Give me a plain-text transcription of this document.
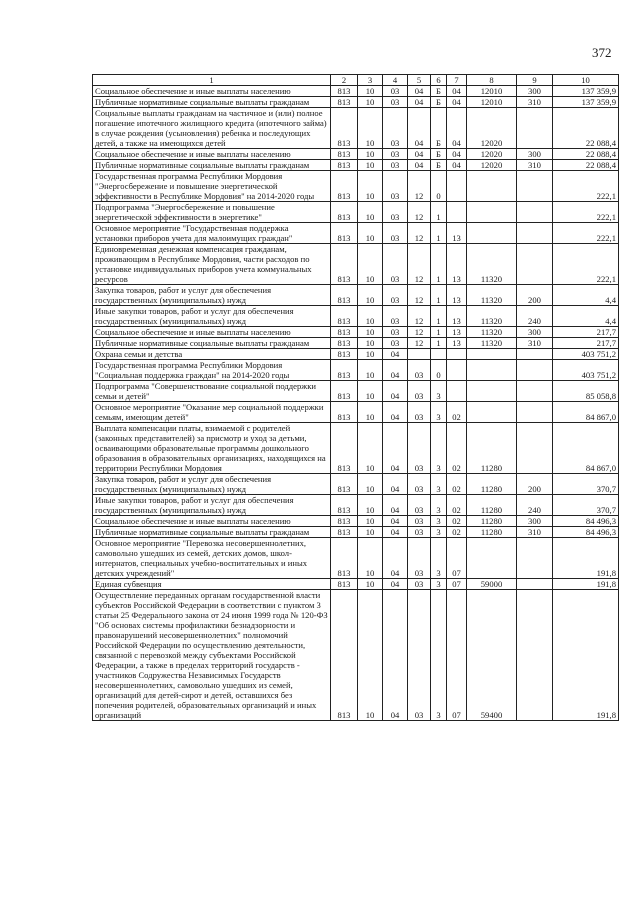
372
1	2	3	4	5	6	7	8	9	10
Социальное обеспечение и иные выплаты населению	813	10	03	04	Б	04	12010	300	137 359,9
Публичные нормативные социальные выплаты гражданам	813	10	03	04	Б	04	12010	310	137 359,9
Социальные выплаты гражданам на частичное и (или) полное погашение ипотечного жилищного кредита (ипотечного займа) в случае рождения (усыновления) ребенка и последующих детей, а также на имеющихся детей	813	10	03	04	Б	04	12020		22 088,4
Социальное обеспечение и иные выплаты населению	813	10	03	04	Б	04	12020	300	22 088,4
Публичные нормативные социальные выплаты гражданам	813	10	03	04	Б	04	12020	310	22 088,4
Государственная программа Республики Мордовия "Энергосбережение и повышение энергетической эффективности в Республике Мордовия" на 2014-2020 годы	813	10	03	12	0				222,1
Подпрограмма "Энергосбережение и повышение энергетической эффективности в энергетике"	813	10	03	12	1				222,1
Основное мероприятие "Государственная поддержка установки приборов учета для малоимущих граждан"	813	10	03	12	1	13			222,1
Единовременная денежная компенсация гражданам, проживающим в Республике Мордовия, части расходов по установке индивидуальных приборов учета коммунальных ресурсов	813	10	03	12	1	13	11320		222,1
Закупка товаров, работ и услуг для обеспечения государственных (муниципальных) нужд	813	10	03	12	1	13	11320	200	4,4
Иные закупки товаров, работ и услуг для обеспечения государственных (муниципальных) нужд	813	10	03	12	1	13	11320	240	4,4
Социальное обеспечение и иные выплаты населению	813	10	03	12	1	13	11320	300	217,7
Публичные нормативные социальные выплаты гражданам	813	10	03	12	1	13	11320	310	217,7
Охрана семьи и детства	813	10	04						403 751,2
Государственная программа Республики Мордовия "Социальная поддержка граждан" на 2014-2020 годы	813	10	04	03	0				403 751,2
Подпрограмма "Совершенствование социальной поддержки семьи и детей"	813	10	04	03	3				85 058,8
Основное мероприятие "Оказание мер социальной поддержки семьям, имеющим детей"	813	10	04	03	3	02			84 867,0
Выплата компенсации платы, взимаемой с родителей (законных представителей) за присмотр и уход за детьми, осваивающими образовательные программы дошкольного образования в образовательных организациях, находящихся на территории Республики Мордовия	813	10	04	03	3	02	11280		84 867,0
Закупка товаров, работ и услуг для обеспечения государственных (муниципальных) нужд	813	10	04	03	3	02	11280	200	370,7
Иные закупки товаров, работ и услуг для обеспечения государственных (муниципальных) нужд	813	10	04	03	3	02	11280	240	370,7
Социальное обеспечение и иные выплаты населению	813	10	04	03	3	02	11280	300	84 496,3
Публичные нормативные социальные выплаты гражданам	813	10	04	03	3	02	11280	310	84 496,3
Основное мероприятие "Перевозка несовершеннолетних, самовольно ушедших из семей, детских домов, школ-интернатов, специальных учебно-воспитательных и иных детских учреждений"	813	10	04	03	3	07			191,8
Единая субвенция	813	10	04	03	3	07	59000		191,8
Осуществление переданных органам государственной власти субъектов Российской Федерации в соответствии с пунктом 3 статьи 25 Федерального закона от 24 июня 1999 года № 120-ФЗ "Об основах системы профилактики безнадзорности и правонарушений несовершеннолетних" полномочий Российской Федерации по осуществлению деятельности, связанной с перевозкой между субъектами Российской Федерации, а также в пределах территорий государств - участников Содружества Независимых Государств несовершеннолетних, самовольно ушедших из семей, организаций для детей-сирот и детей, оставшихся без попечения родителей, образовательных организаций и иных организаций	813	10	04	03	3	07	59400		191,8
